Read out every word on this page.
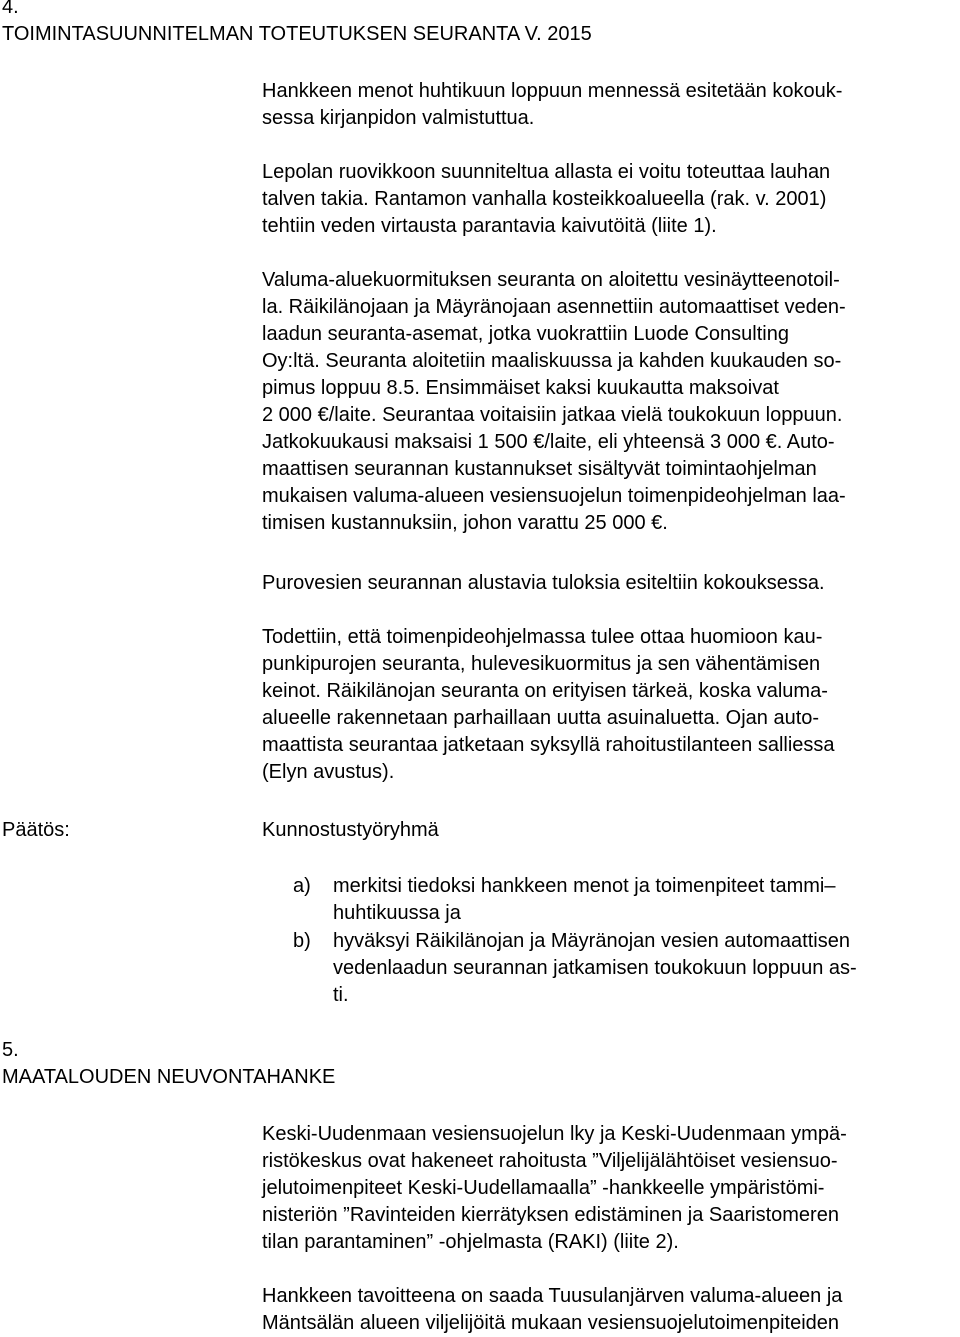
4.
TOIMINTASUUNNITELMAN TOTEUTUKSEN SEURANTA V. 2015
Hankkeen menot huhtikuun loppuun mennessä esitetään kokouk-
sessa kirjanpidon valmistuttua.
Lepolan ruovikkoon suunniteltua allasta ei voitu toteuttaa lauhan
talven takia. Rantamon vanhalla kosteikkoalueella (rak. v. 2001)
tehtiin veden virtausta parantavia kaivutöitä (liite 1).
Valuma-aluekuormituksen seuranta on aloitettu vesinäytteenotoil-
la. Räikilänojaan ja Mäyränojaan asennettiin automaattiset veden-
laadun seuranta-asemat, jotka vuokrattiin Luode Consulting
Oy:ltä. Seuranta aloitetiin maaliskuussa ja kahden kuukauden so-
pimus loppuu 8.5. Ensimmäiset kaksi kuukautta maksoivat
2 000 €/laite. Seurantaa voitaisiin jatkaa vielä toukokuun loppuun.
Jatkokuukausi maksaisi 1 500 €/laite, eli yhteensä 3 000 €. Auto-
maattisen seurannan kustannukset sisältyvät toimintaohjelman
mukaisen valuma-alueen vesiensuojelun toimenpideohjelman laa-
timisen kustannuksiin, johon varattu 25 000 €.
Purovesien seurannan alustavia tuloksia esiteltiin kokouksessa.
Todettiin, että toimenpideohjelmassa tulee ottaa huomioon kau-
punkipurojen seuranta, hulevesikuormitus ja sen vähentämisen
keinot. Räikilänojan seuranta on erityisen tärkeä, koska valuma-
alueelle rakennetaan parhaillaan uutta asuinaluetta. Ojan auto-
maattista seurantaa jatketaan syksyllä rahoitustilanteen salliessa
(Elyn avustus).
Päätös:	Kunnostustyöryhmä
a)	merkitsi tiedoksi hankkeen menot ja toimenpiteet tammi–
huhtikuussa ja
b)	hyväksyi Räikilänojan ja Mäyränojan vesien automaattisen
vedenlaadun seurannan jatkamisen toukokuun loppuun as-
ti.
5.
MAATALOUDEN NEUVONTAHANKE
Keski-Uudenmaan vesiensuojelun lky ja Keski-Uudenmaan ympä-
ristökeskus ovat hakeneet rahoitusta ”Viljelijälähtöiset vesiensuo-
jelutoimenpiteet Keski-Uudellamaalla” -hankkeelle ympäristömi-
nisteriön ”Ravinteiden kierrätyksen edistäminen ja Saaristomeren
tilan parantaminen” -ohjelmasta (RAKI) (liite 2).
Hankkeen tavoitteena on saada Tuusulanjärven valuma-alueen ja
Mäntsälän alueen viljelijöitä mukaan vesiensuojelutoimenpiteiden
